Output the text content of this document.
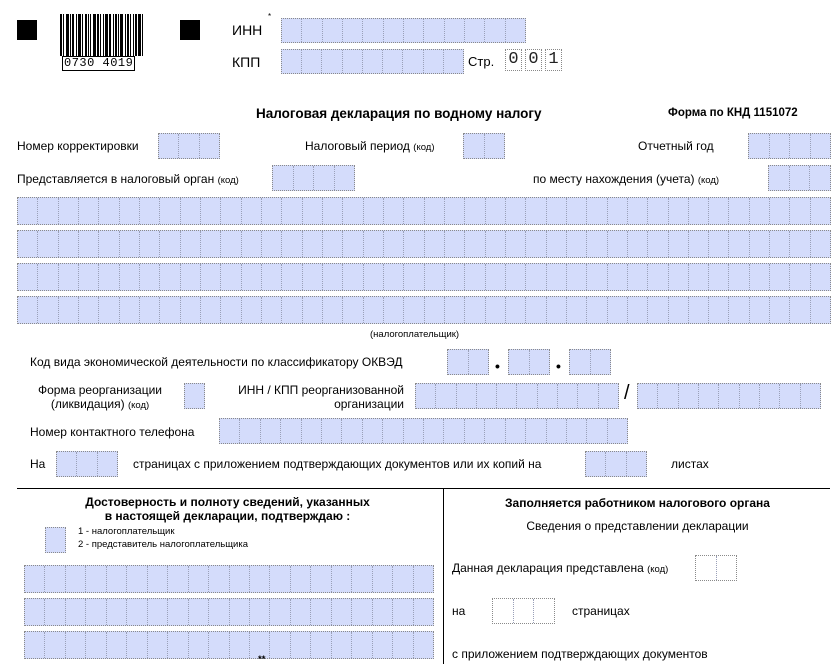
0730 4019
ИНН
*
КПП	Стр. 0 0 1
Налоговая декларация по водному налогу	Форма по КНД 1151072
Номер корректировки	Налоговый период (код)	Отчетный год
Представляется в налоговый орган (код)	по месту нахождения (учета) (код)
(налогоплательщик)
Код вида экономической деятельности по классификатору ОКВЭД	•	•
Форма реорганизации
(ликвидация) (код)
ИНН / КПП реорганизованной
организации	/
Номер контактного телефона
На	страницах с приложением подтверждающих документов или их копий на	листах
Достоверность и полноту сведений, указанных
в настоящей декларации, подтверждаю :
1 - налогоплательщик
2 - представитель налогоплательщика
**
Заполняется работником налогового органа
Сведения о представлении декларации
Данная декларация представлена (код)
на	страницах
с приложением подтверждающих документов
